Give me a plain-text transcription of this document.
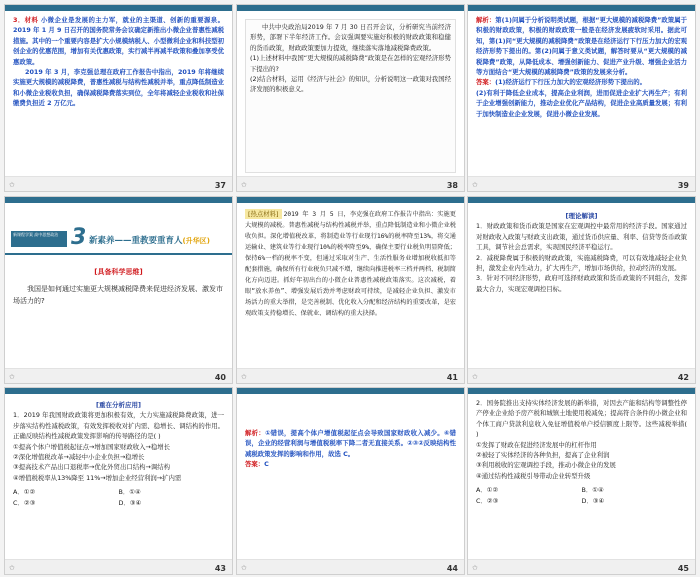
3．材料 小微企业是发展的主力军，就业的主渠道、创新的重要源泉。2019 年 1 月 9 日召开的国务院常务会议确定新推出小微企业普惠性减税措施。其中的一个重要内容是扩大小规模纳税人、小型微利企业和科技型初创企业的优惠范围，增加有关优惠政策，实行减半再减半政策和叠加享受优惠政策。
2019 年 3 月，李克强总理在政府工作报告中指出，2019 年将继续实施更大规模的减税降费，普惠性减税与结构性减税并举，重点降低制造业和小微企业税收负担，确保减税降费落实到位，全年将减轻企业税收和社保缴费负担近 2 万亿元。
✩	37
中共中央政治局2019 年 7 月 30 日召开会议，分析研究当前经济形势，部署下半年经济工作。会议强调要实施好积极的财政政策和稳健的货币政策，财政政策要加力提效，继续落实落地减税降费政策。
(1)上述材料中我国“更大规模的减税降费”政策是在怎样的宏观经济形势下提出的?
(2)结合材料，运用《经济与社会》的知识，分析说明这一政策对我国经济发展的积极意义。
✩	38
解析：第(1)问属于分析说明类试题，根据“更大规模的减税降费”政策属于积极的财政政策，积极的财政政策一般是在经济发展疲软时采用。据此可知，第(1)问“更大规模的减税降费”政策是在经济运行下行压力加大的宏观经济形势下提出的。第(2)问属于意义类试题，解答时要从“更大规模的减税降费”政策，从降低成本、增强创新能力、促进产业升级、增强企业活力等方面结合“更大规模的减税降费”政策的发展来分析。
答案：(1)经济运行下行压力加大的宏观经济形势下提出的。
(2)有利于降低企业成本，提高企业利润，进而促进企业扩大再生产；有利于企业增强创新能力，推动企业优化产品结构，促进企业高质量发展；有利于加快制造业企业发展，促进小微企业发展。
✩	39
新课程学案 高中思想政治 3 新素养——重教要重育人(升华区)
[具备科学思维]
我国是如何通过实施更大规模减税降费来促进经济发展、激发市场活力的?
✩	40
[热点材料] 2019 年 3 月 5 日，李克强在政府工作报告中指出：实施更大规模的减税。普惠性减税与结构性减税并举，重点降低制造业和小微企业税收负担。深化增值税改革，将制造业等行业现行16%的税率降至13%，将交通运输业、建筑业等行业现行10%的税率降至9%，确保主要行业税负明显降低；保持6%一档的税率不变，但通过采取对生产、生活性服务业增加税收抵扣等配套措施，确保所有行业税负只减不增，继续向推进税率三档并两档、税制简化方向迈进。抓好年初出台的小微企业普惠性减税政策落实。这次减税，着眼“放水养鱼”、增强发展后劲并考虑财政可持续，是减轻企业负担、激发市场活力的重大举措，是完善税制、优化收入分配和经济结构的重要改革，是宏观政策支持稳增长、保就业、调结构的重大抉择。
✩	41
[理论解读]
1．财政政策和货币政策是国家在宏观调控中最常用的经济手段。国家通过对财政收入政策与财政支出政策，通过货币供应量、利率、信贷等货币政策工具，调节社会总需求，实现国民经济平稳运行。
2．减税降费属于积极的财政政策，实施减税降费，可以有效地减轻企业负担，激发企业内生动力，扩大再生产，增加市场供给，拉动经济的发展。
3．针对不同经济形势，政府可选择财政政策和货币政策的不同组合，发挥最大合力，实现宏观调控目标。
✩	42
[重在分析应用]
1．2019 年我国财政政策将更加积极有效，大力实施减税降费政策，进一步落实结构性减税政策，有效发挥税收对扩内需、稳增长、调结构的作用。正确反映结构性减税政策发挥影响的传导路径的是( )
①提高个体户增值税起征点→增加国家财政收入→稳增长
②深化增值税改革→减轻中小企业负担→稳增长
③提高技术产品出口退税率→优化外贸出口结构→调结构
④增值税税率从13%降至 11%→增加企业经营利润→扩内需
A．①②	B．①④
C．②③	D．③④
✩	43
解析：①错误，提高个体户增值税起征点会导致国家财政收入减少。④错误，企业的经营利润与增值税税率下降二者无直接关系。②③②反映结构性减税政策发挥的影响和作用，故选 C。
答案：C
✩	44
2．国务院推出支持实体经济发展的新举措，对因去产能和结构等调整性停产停业企业給予房产税和城镇土地使用税减免；提高符合条件的小微企业和个体工商户贷款利息收入免征增值税单户授信额度上限等。这些减税举措( )
①发挥了财政在促进经济发展中的杠杆作用
②被轻了实体经济的各种负担，提高了企业利润
③利用税收的宏观调控手段，推动小微企业的发展
④通过结构性减税引导带动企业转型升级
A．①②	B．①④
C．②③	D．③④
✩	45
